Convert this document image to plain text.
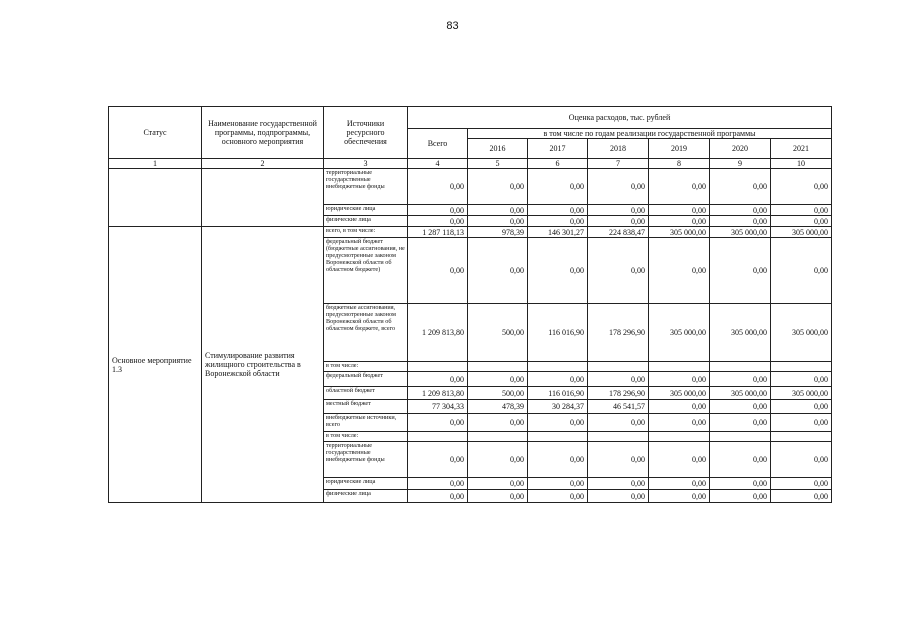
83
Статус	Наименование государственной программы, подпрограммы, основного мероприятия	Источники ресурсного обеспечения	Оценка расходов, тыс. рублей						
			Всего	в том числе по годам реализации государственной программы					
				2016	2017	2018	2019	2020	2021
1	2	3	4	5	6	7	8	9	10
		территориальные государственные внебюджетные фонды	0,00	0,00	0,00	0,00	0,00	0,00	0,00
		юридические лица	0,00	0,00	0,00	0,00	0,00	0,00	0,00
		физические лица	0,00	0,00	0,00	0,00	0,00	0,00	0,00
Основное мероприятие 1.3	Стимулирование развития жилищного строительства в Воронежской области	всего, в том числе:	1 287 118,13	978,39	146 301,27	224 838,47	305 000,00	305 000,00	305 000,00
		федеральный бюджет (бюджетные ассигнования, не предусмотренные законом Воронежской области об областном бюджете)	0,00	0,00	0,00	0,00	0,00	0,00	0,00
		бюджетные ассигнования, предусмотренные законом Воронежской области об областном бюджете, всего	1 209 813,80	500,00	116 016,90	178 296,90	305 000,00	305 000,00	305 000,00
		в том числе:							
		федеральный бюджет	0,00	0,00	0,00	0,00	0,00	0,00	0,00
		областной бюджет	1 209 813,80	500,00	116 016,90	178 296,90	305 000,00	305 000,00	305 000,00
		местный бюджет	77 304,33	478,39	30 284,37	46 541,57	0,00	0,00	0,00
		внебюджетные источники, всего	0,00	0,00	0,00	0,00	0,00	0,00	0,00
		в том числе:							
		территориальные государственные внебюджетные фонды	0,00	0,00	0,00	0,00	0,00	0,00	0,00
		юридические лица	0,00	0,00	0,00	0,00	0,00	0,00	0,00
		физические лица	0,00	0,00	0,00	0,00	0,00	0,00	0,00
